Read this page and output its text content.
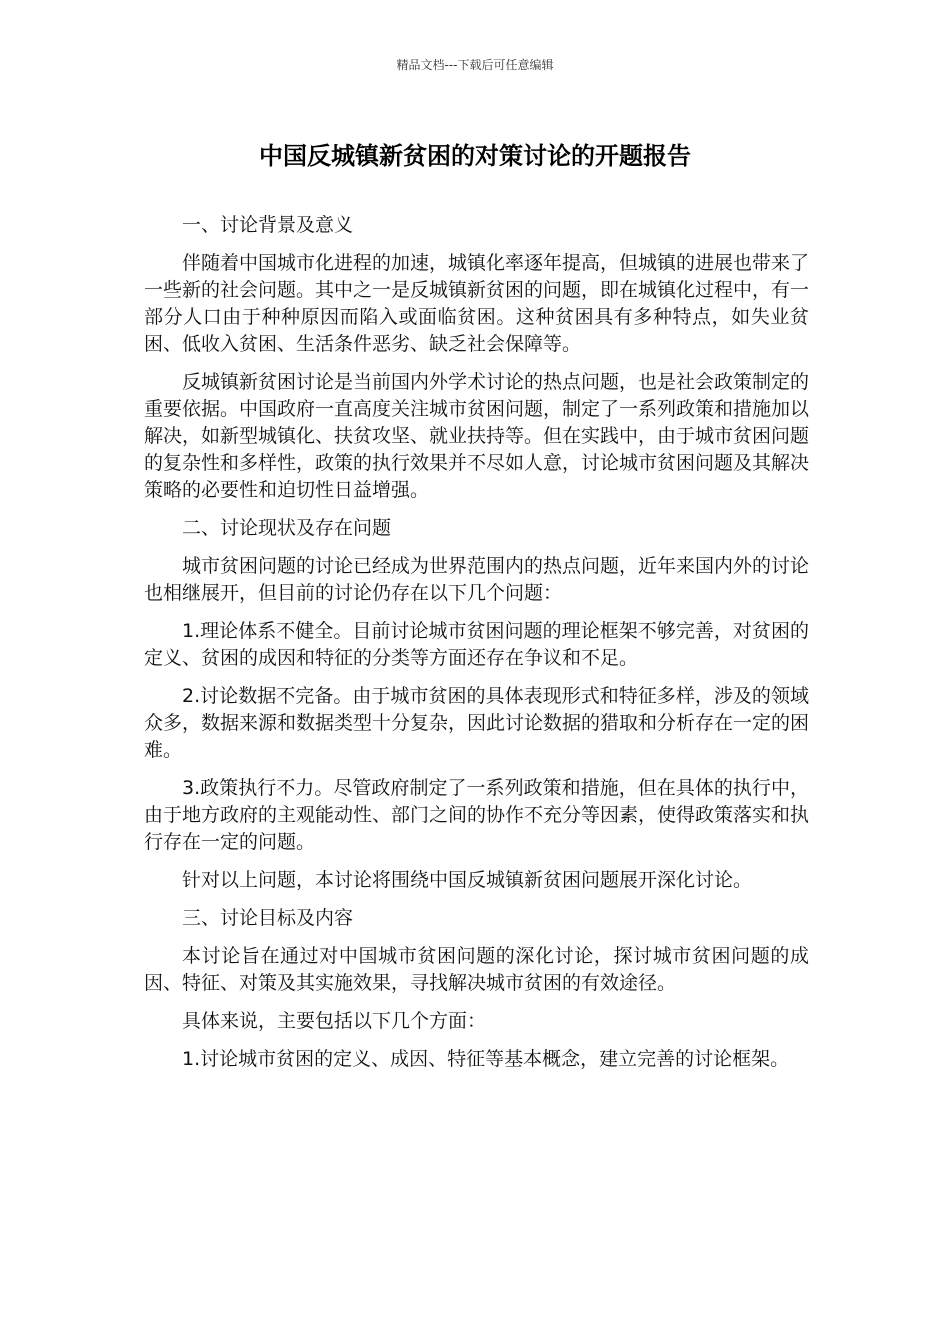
精品文档---下载后可任意编辑
中国反城镇新贫困的对策讨论的开题报告

一、讨论背景及意义

伴随着中国城市化进程的加速，城镇化率逐年提高，但城镇的进展也带来了一些新的社会问题。其中之一是反城镇新贫困的问题，即在城镇化过程中，有一部分人口由于种种原因而陷入或面临贫困。这种贫困具有多种特点，如失业贫困、低收入贫困、生活条件恶劣、缺乏社会保障等。

反城镇新贫困讨论是当前国内外学术讨论的热点问题，也是社会政策制定的重要依据。中国政府一直高度关注城市贫困问题，制定了一系列政策和措施加以解决，如新型城镇化、扶贫攻坚、就业扶持等。但在实践中，由于城市贫困问题的复杂性和多样性，政策的执行效果并不尽如人意，讨论城市贫困问题及其解决策略的必要性和迫切性日益增强。

二、讨论现状及存在问题

城市贫困问题的讨论已经成为世界范围内的热点问题，近年来国内外的讨论也相继展开，但目前的讨论仍存在以下几个问题：

1.理论体系不健全。目前讨论城市贫困问题的理论框架不够完善，对贫困的定义、贫困的成因和特征的分类等方面还存在争议和不足。

2.讨论数据不完备。由于城市贫困的具体表现形式和特征多样，涉及的领域众多，数据来源和数据类型十分复杂，因此讨论数据的猎取和分析存在一定的困难。

3.政策执行不力。尽管政府制定了一系列政策和措施，但在具体的执行中，由于地方政府的主观能动性、部门之间的协作不充分等因素，使得政策落实和执行存在一定的问题。

针对以上问题，本讨论将围绕中国反城镇新贫困问题展开深化讨论。

三、讨论目标及内容

本讨论旨在通过对中国城市贫困问题的深化讨论，探讨城市贫困问题的成因、特征、对策及其实施效果，寻找解决城市贫困的有效途径。

具体来说，主要包括以下几个方面：

1.讨论城市贫困的定义、成因、特征等基本概念，建立完善的讨论框架。
